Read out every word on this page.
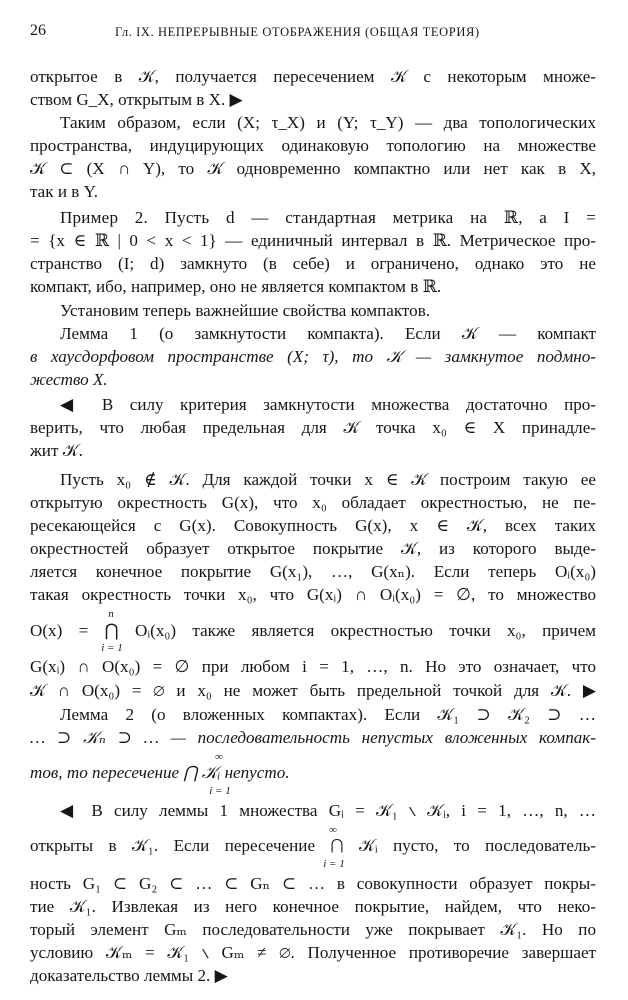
26	Гл. IX. НЕПРЕРЫВНЫЕ ОТОБРАЖЕНИЯ (ОБЩАЯ ТЕОРИЯ)
открытое в 𝒦, получается пересечением 𝒦 с некоторым множе-
ством G_X, открытым в X. ▶
Таким образом, если (X; τ_X) и (Y; τ_Y) — два топологических
пространства, индуцирующих одинаковую топологию на множестве
𝒦 ⊂ (X ∩ Y), то 𝒦 одновременно компактно или нет как в X,
так и в Y.
Пример 2. Пусть d — стандартная метрика на ℝ, а I =
= {x ∈ ℝ | 0 < x < 1} — единичный интервал в ℝ. Метрическое про-
странство (I; d) замкнуто (в себе) и ограничено, однако это не
компакт, ибо, например, оно не является компактом в ℝ.
Установим теперь важнейшие свойства компактов.
Лемма 1 (о замкнутости компакта). Если 𝒦 — компакт
в хаусдорфовом пространстве (X; τ), то 𝒦 — замкнутое подмно-
жество X.
◀ В силу критерия замкнутости множества достаточно про-
верить, что любая предельная для 𝒦 точка x₀ ∈ X принадле-
жит 𝒦.
Пусть x₀ ∉ 𝒦. Для каждой точки x ∈ 𝒦 построим такую ее
открытую окрестность G(x), что x₀ обладает окрестностью, не пе-
ресекающейся с G(x). Совокупность G(x), x ∈ 𝒦, всех таких
окрестностей образует открытое покрытие 𝒦, из которого выде-
ляется конечное покрытие G(x₁), …, G(xₙ). Если теперь Oᵢ(x₀)
такая окрестность точки x₀, что G(xᵢ) ∩ Oᵢ(x₀) = ∅, то множество
n
O(x) = ⋂ Oᵢ(x₀) также является окрестностью точки x₀, причем
i = 1
G(xᵢ) ∩ O(x₀) = ∅ при любом i = 1, …, n. Но это означает, что
𝒦 ∩ O(x₀) = ∅ и x₀ не может быть предельной точкой для 𝒦. ▶
Лемма 2 (о вложенных компактах). Если 𝒦₁ ⊃ 𝒦₂ ⊃ …
… ⊃ 𝒦ₙ ⊃ … — последовательность непустых вложенных компак-
∞
тов, то пересечение ⋂ 𝒦ᵢ непусто.
i = 1
◀ В силу леммы 1 множества Gᵢ = 𝒦₁ ∖ 𝒦ᵢ, i = 1, …, n, …
∞
открыты в 𝒦₁. Если пересечение ⋂ 𝒦ᵢ пусто, то последователь-
i = 1
ность G₁ ⊂ G₂ ⊂ … ⊂ Gₙ ⊂ … в совокупности образует покры-
тие 𝒦₁. Извлекая из него конечное покрытие, найдем, что неко-
торый элемент Gₘ последовательности уже покрывает 𝒦₁. Но по
условию 𝒦ₘ = 𝒦₁ ∖ Gₘ ≠ ∅. Полученное противоречие завершает
доказательство леммы 2. ▶
